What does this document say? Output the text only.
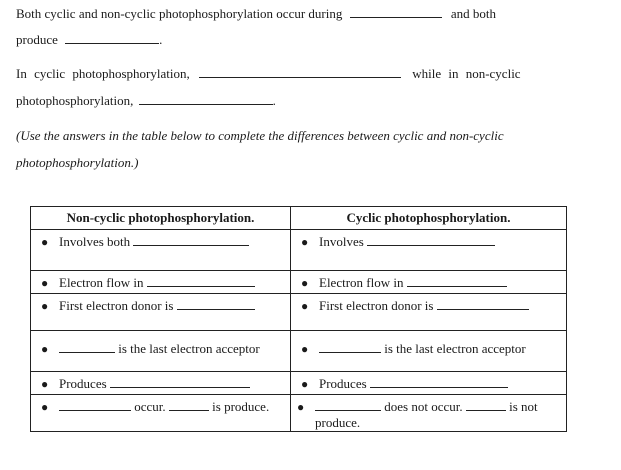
Both cyclic and non-cyclic photophosphorylation occur during	and both
produce	.
In cyclic photophosphorylation,	while in non-cyclic
photophosphorylation,	.
(Use the answers in the table below to complete the differences between cyclic and non-cyclic
photophosphorylation.)
Non-cyclic photophosphorylation.	Cyclic photophosphorylation.

● Involves both	● Involves

● Electron flow in	● Electron flow in

● First electron donor is	● First electron donor is

● is the last electron acceptor	● is the last electron acceptor

● Produces	● Produces

● occur. is produce.	● does not occur. is not produce.
